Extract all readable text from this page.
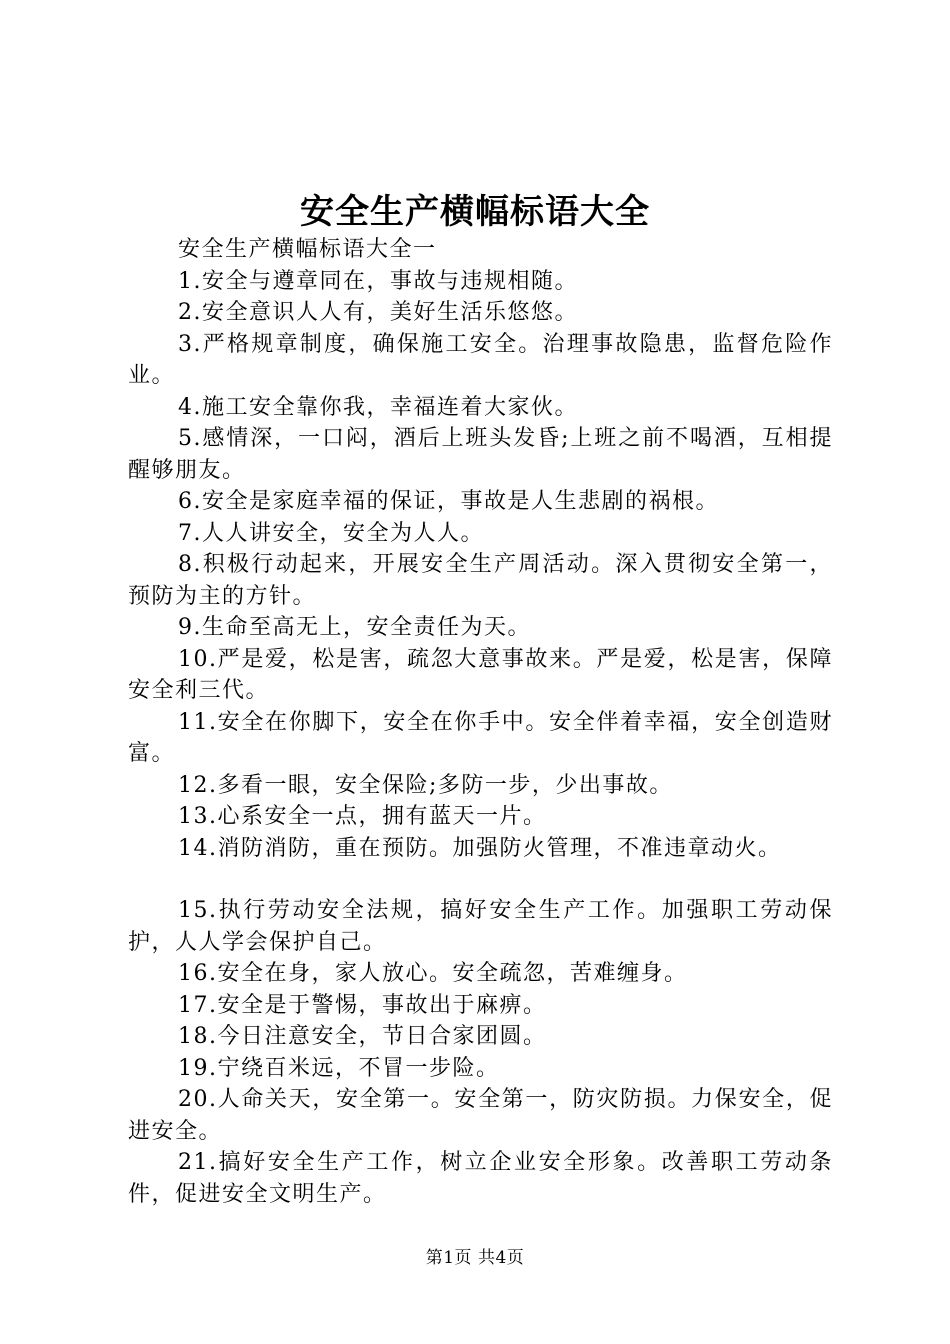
安全生产横幅标语大全

安全生产横幅标语大全一

1.安全与遵章同在，事故与违规相随。

2.安全意识人人有，美好生活乐悠悠。

3.严格规章制度，确保施工安全。治理事故隐患，监督危险作业。

4.施工安全靠你我，幸福连着大家伙。

5.感情深，一口闷，酒后上班头发昏;上班之前不喝酒，互相提醒够朋友。

6.安全是家庭幸福的保证，事故是人生悲剧的祸根。

7.人人讲安全，安全为人人。

8.积极行动起来，开展安全生产周活动。深入贯彻安全第一，预防为主的方针。

9.生命至高无上，安全责任为天。

10.严是爱，松是害，疏忽大意事故来。严是爱，松是害，保障安全利三代。

11.安全在你脚下，安全在你手中。安全伴着幸福，安全创造财富。

12.多看一眼，安全保险;多防一步，少出事故。

13.心系安全一点，拥有蓝天一片。

14.消防消防，重在预防。加强防火管理，不准违章动火。

15.执行劳动安全法规，搞好安全生产工作。加强职工劳动保护，人人学会保护自己。

16.安全在身，家人放心。安全疏忽，苦难缠身。

17.安全是于警惕，事故出于麻痹。

18.今日注意安全，节日合家团圆。

19.宁绕百米远，不冒一步险。

20.人命关天，安全第一。安全第一，防灾防损。力保安全，促进安全。

21.搞好安全生产工作，树立企业安全形象。改善职工劳动条件，促进安全文明生产。

第1页 共4页
